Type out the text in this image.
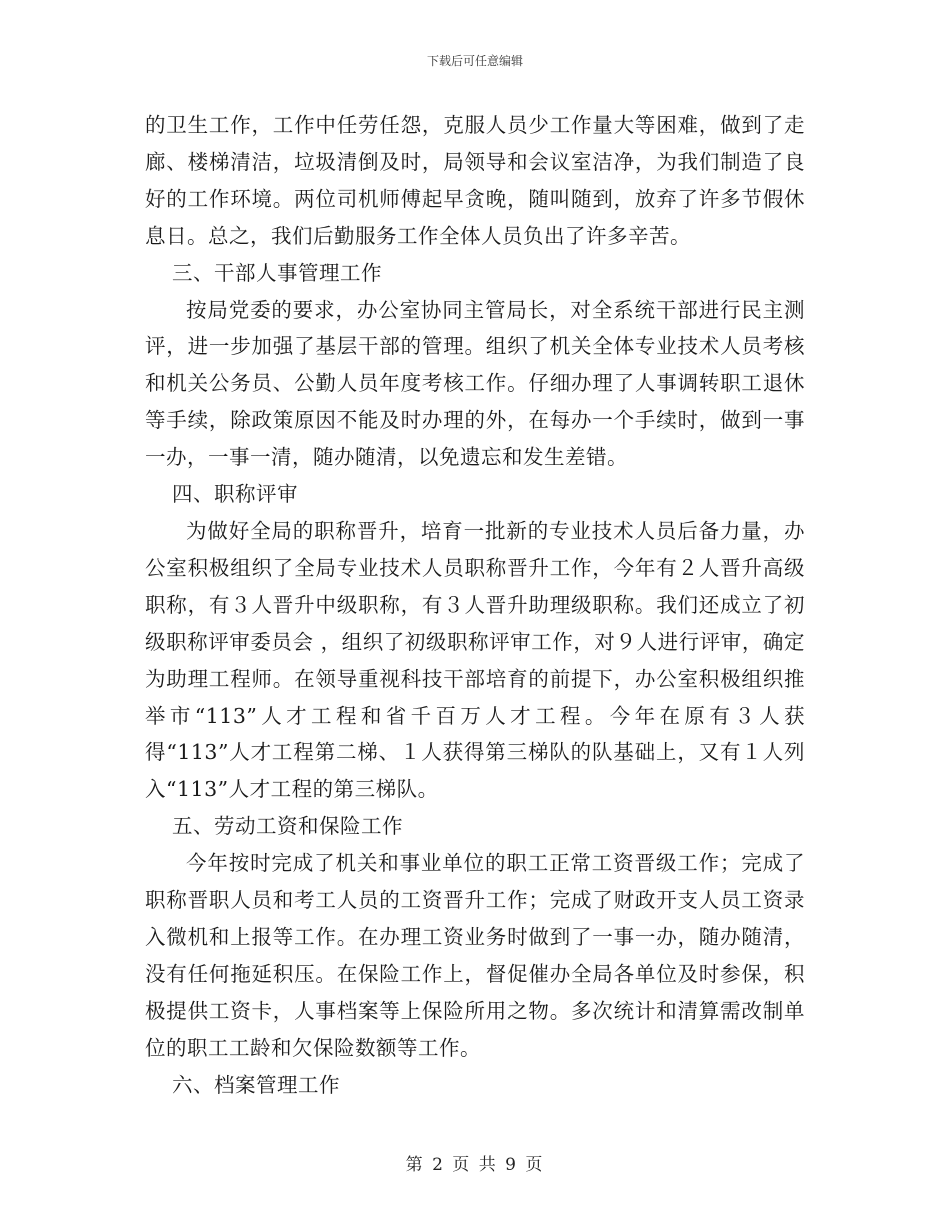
下载后可任意编辑

的卫生工作，工作中任劳任怨，克服人员少工作量大等困难，做到了走廊、楼梯清洁，垃圾清倒及时，局领导和会议室洁净，为我们制造了良好的工作环境。两位司机师傅起早贪晚，随叫随到，放弃了许多节假休息日。总之，我们后勤服务工作全体人员负出了许多辛苦。

三、干部人事管理工作

按局党委的要求，办公室协同主管局长，对全系统干部进行民主测评，进一步加强了基层干部的管理。组织了机关全体专业技术人员考核和机关公务员、公勤人员年度考核工作。仔细办理了人事调转职工退休等手续，除政策原因不能及时办理的外，在每办一个手续时，做到一事一办，一事一清，随办随清，以免遗忘和发生差错。

四、职称评审

为做好全局的职称晋升，培育一批新的专业技术人员后备力量，办公室积极组织了全局专业技术人员职称晋升工作，今年有２人晋升高级职称，有３人晋升中级职称，有３人晋升助理级职称。我们还成立了初级职称评审委员会 ，组织了初级职称评审工作，对９人进行评审，确定为助理工程师。在领导重视科技干部培育的前提下，办公室积极组织推举市“113”人才工程和省千百万人才工程。今年在原有３人获得“113”人才工程第二梯、１人获得第三梯队的队基础上，又有１人列入“113”人才工程的第三梯队。

五、劳动工资和保险工作

今年按时完成了机关和事业单位的职工正常工资晋级工作；完成了职称晋职人员和考工人员的工资晋升工作；完成了财政开支人员工资录入微机和上报等工作。在办理工资业务时做到了一事一办，随办随清，没有任何拖延积压。在保险工作上，督促催办全局各单位及时参保，积极提供工资卡，人事档案等上保险所用之物。多次统计和清算需改制单位的职工工龄和欠保险数额等工作。

六、档案管理工作

第 2 页 共 9 页
